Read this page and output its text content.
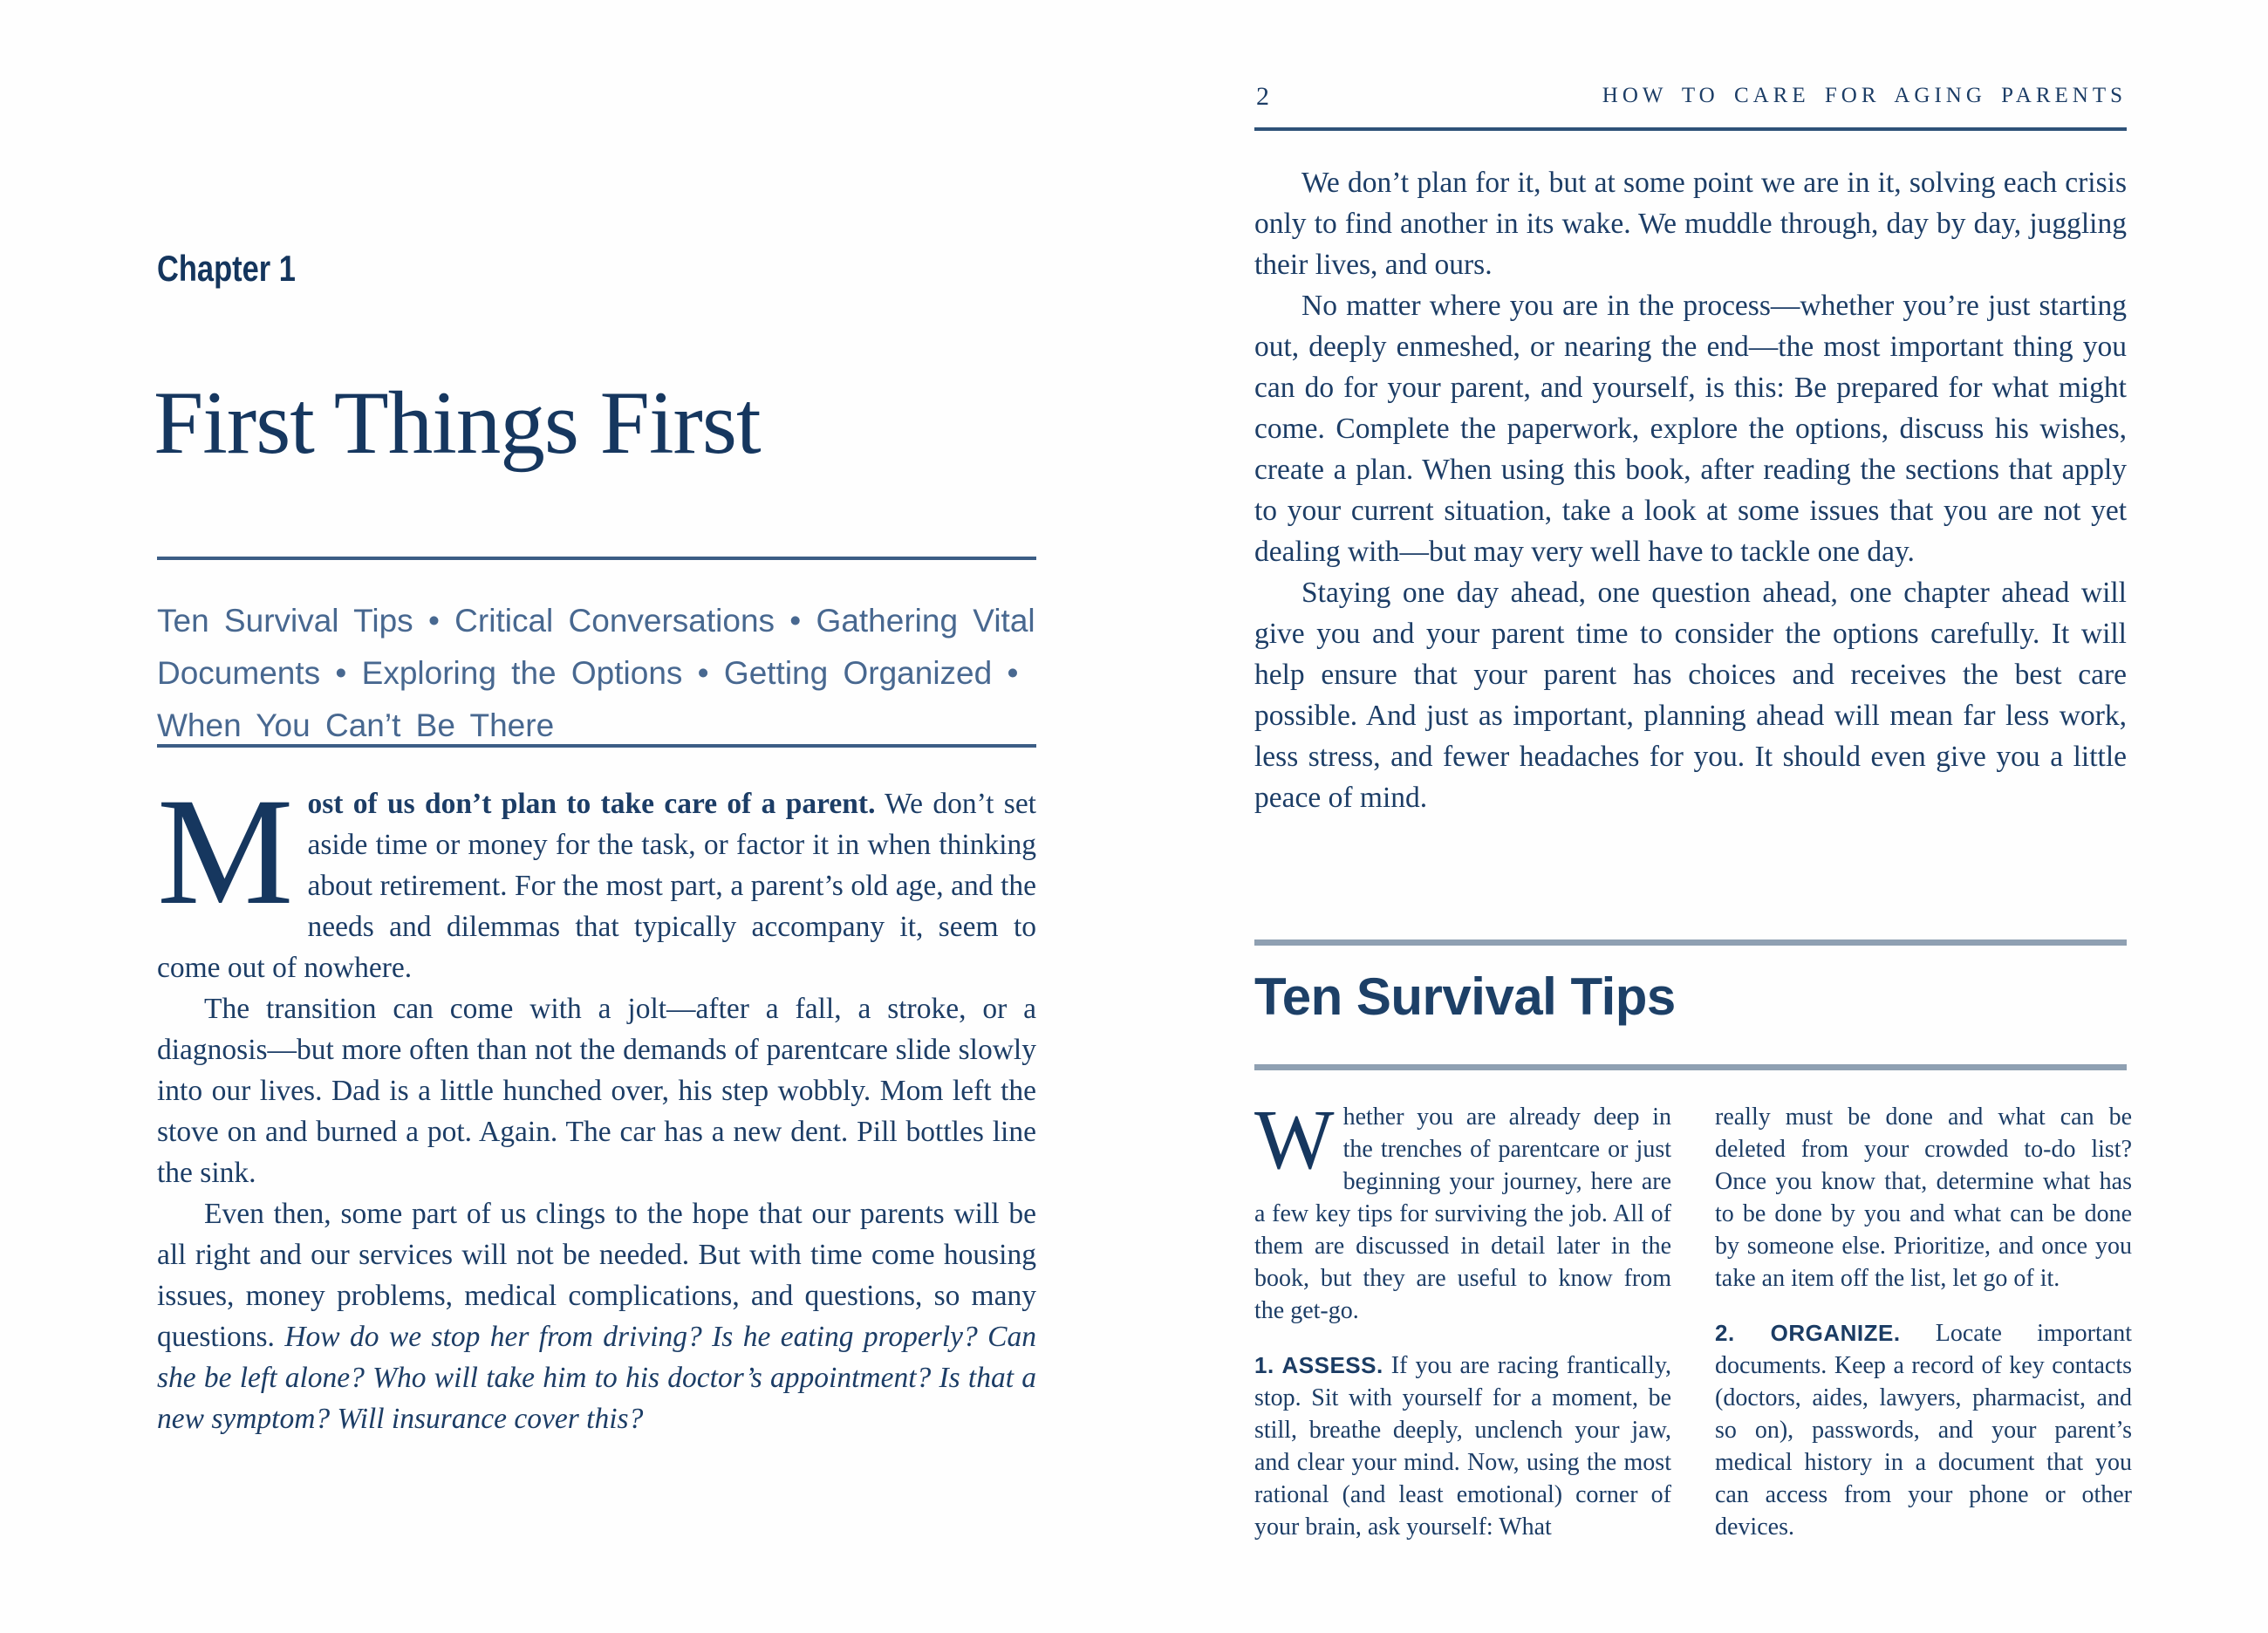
Chapter 1
First Things First
Ten Survival Tips • Critical Conversations • Gathering Vital Documents • Exploring the Options • Getting Organized • When You Can’t Be There

Most of us don’t plan to take care of a parent. We don’t set aside time or money for the task, or factor it in when thinking about retirement. For the most part, a parent’s old age, and the needs and dilemmas that typically accompany it, seem to come out of nowhere.

The transition can come with a jolt—after a fall, a stroke, or a diagnosis—but more often than not the demands of parentcare slide slowly into our lives. Dad is a little hunched over, his step wobbly. Mom left the stove on and burned a pot. Again. The car has a new dent. Pill bottles line the sink.

Even then, some part of us clings to the hope that our parents will be all right and our services will not be needed. But with time come housing issues, money problems, medical complications, and questions, so many questions. How do we stop her from driving? Is he eating properly? Can she be left alone? Who will take him to his doctor’s appointment? Is that a new symptom? Will insurance cover this?

2	HOW TO CARE FOR AGING PARENTS

We don’t plan for it, but at some point we are in it, solving each crisis only to find another in its wake. We muddle through, day by day, juggling their lives, and ours.

No matter where you are in the process—whether you’re just starting out, deeply enmeshed, or nearing the end—the most important thing you can do for your parent, and yourself, is this: Be prepared for what might come. Complete the paperwork, explore the options, discuss his wishes, create a plan. When using this book, after reading the sections that apply to your current situation, take a look at some issues that you are not yet dealing with—but may very well have to tackle one day.

Staying one day ahead, one question ahead, one chapter ahead will give you and your parent time to consider the options carefully. It will help ensure that your parent has choices and receives the best care possible. And just as important, planning ahead will mean far less work, less stress, and fewer headaches for you. It should even give you a little peace of mind.

Ten Survival Tips

Whether you are already deep in the trenches of parentcare or just beginning your journey, here are a few key tips for surviving the job. All of them are discussed in detail later in the book, but they are useful to know from the get-go.

1. ASSESS. If you are racing frantically, stop. Sit with yourself for a moment, be still, breathe deeply, unclench your jaw, and clear your mind. Now, using the most rational (and least emotional) corner of your brain, ask yourself: What

really must be done and what can be deleted from your crowded to-do list? Once you know that, determine what has to be done by you and what can be done by someone else. Prioritize, and once you take an item off the list, let go of it.

2. ORGANIZE. Locate important documents. Keep a record of key contacts (doctors, aides, lawyers, pharmacist, and so on), passwords, and your parent’s medical history in a document that you can access from your phone or other devices.
